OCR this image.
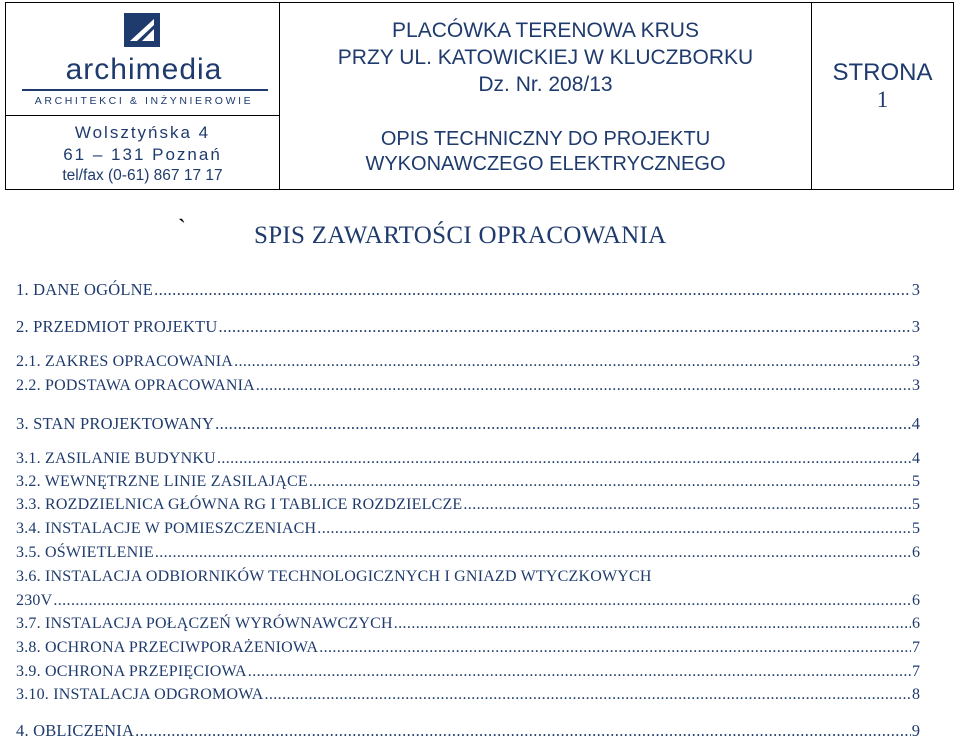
archimedia
ARCHITEKCI & INŻYNIEROWIE
Wolsztyńska 4
61 – 131 Poznań
tel/fax (0-61) 867 17 17
PLACÓWKA TERENOWA KRUS
PRZY UL. KATOWICKIEJ W KLUCZBORKU
Dz. Nr. 208/13
OPIS TECHNICZNY DO PROJEKTU
WYKONAWCZEGO ELEKTRYCZNEGO
STRONA
1
`	SPIS ZAWARTOŚCI OPRACOWANIA
1. DANE OGÓLNE .....	3
2. PRZEDMIOT PROJEKTU .....	3
2.1. ZAKRES OPRACOWANIA .....	3
2.2. PODSTAWA OPRACOWANIA .....	3
3. STAN PROJEKTOWANY .....	4
3.1. ZASILANIE BUDYNKU .....	4
3.2. WEWNĘTRZNE LINIE ZASILAJĄCE .....	5
3.3. ROZDZIELNICA GŁÓWNA RG I TABLICE ROZDZIELCZE .....	5
3.4. INSTALACJE W POMIESZCZENIACH .....	5
3.5. OŚWIETLENIE .....	6
3.6. INSTALACJA ODBIORNIKÓW TECHNOLOGICZNYCH I GNIAZD WTYCZKOWYCH
230V .....	6
3.7. INSTALACJA POŁĄCZEŃ WYRÓWNAWCZYCH .....	6
3.8. OCHRONA PRZECIWPORAŻENIOWA .....	7
3.9. OCHRONA PRZEPIĘCIOWA .....	7
3.10. INSTALACJA ODGROMOWA .....	8
4. OBLICZENIA .....	9
